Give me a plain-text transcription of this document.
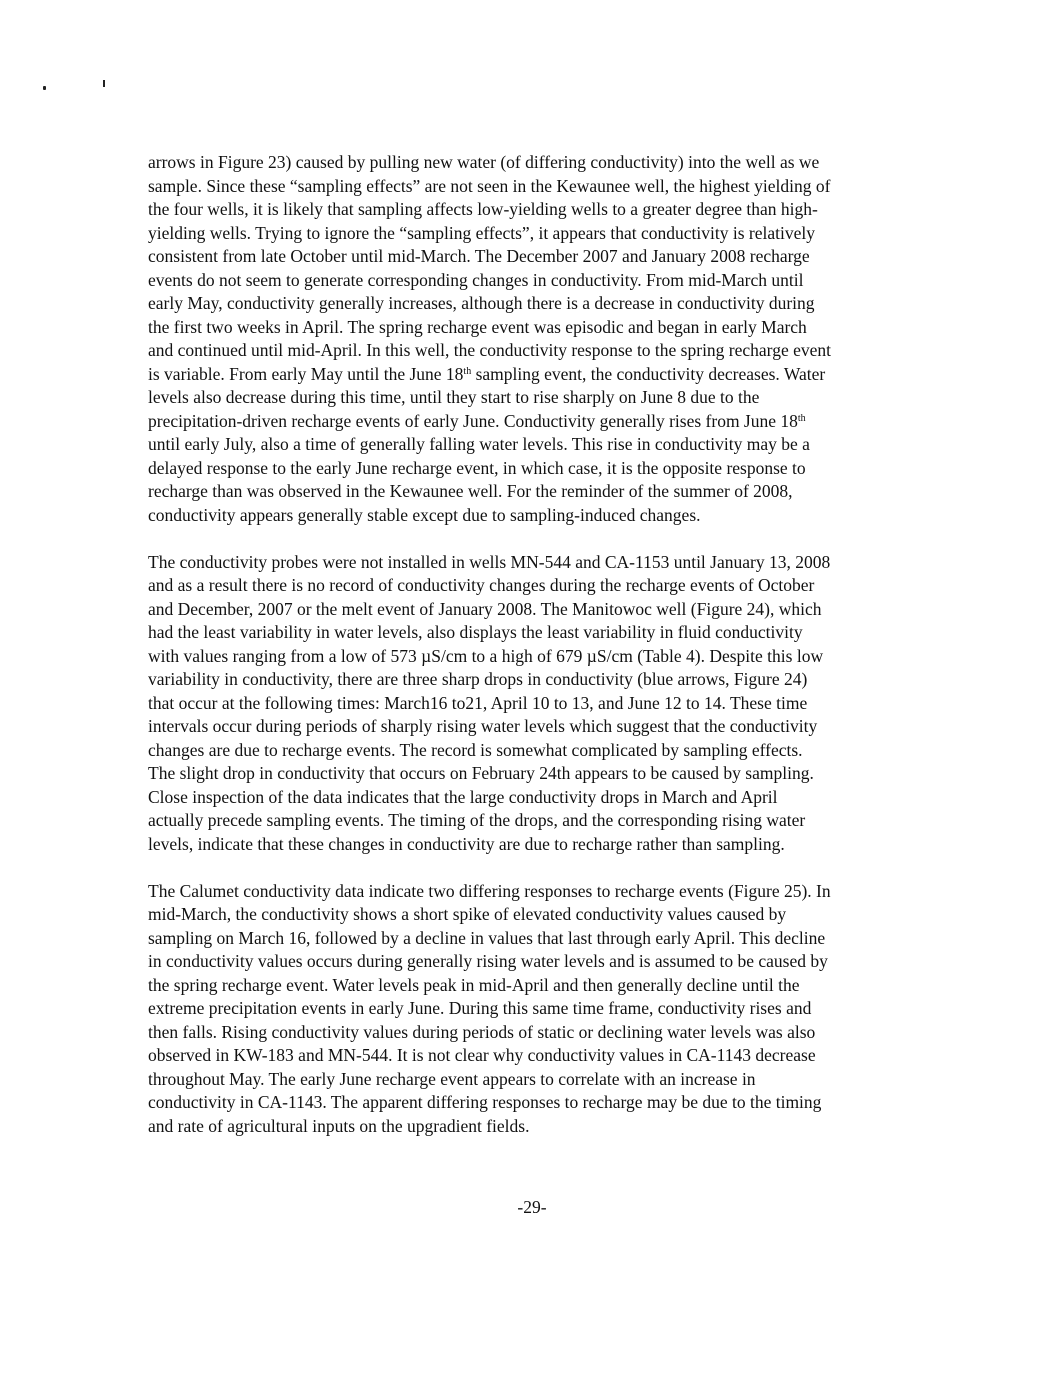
arrows in Figure 23) caused by pulling new water (of differing conductivity) into the well as we
sample. Since these “sampling effects” are not seen in the Kewaunee well, the highest yielding of
the four wells, it is likely that sampling affects low-yielding wells to a greater degree than high-
yielding wells. Trying to ignore the “sampling effects”, it appears that conductivity is relatively
consistent from late October until mid-March. The December 2007 and January 2008 recharge
events do not seem to generate corresponding changes in conductivity. From mid-March until
early May, conductivity generally increases, although there is a decrease in conductivity during
the first two weeks in April. The spring recharge event was episodic and began in early March
and continued until mid-April. In this well, the conductivity response to the spring recharge event
is variable. From early May until the June 18th sampling event, the conductivity decreases. Water
levels also decrease during this time, until they start to rise sharply on June 8 due to the
precipitation-driven recharge events of early June. Conductivity generally rises from June 18th
until early July, also a time of generally falling water levels. This rise in conductivity may be a
delayed response to the early June recharge event, in which case, it is the opposite response to
recharge than was observed in the Kewaunee well. For the reminder of the summer of 2008,
conductivity appears generally stable except due to sampling-induced changes.

The conductivity probes were not installed in wells MN-544 and CA-1153 until January 13, 2008
and as a result there is no record of conductivity changes during the recharge events of October
and December, 2007 or the melt event of January 2008. The Manitowoc well (Figure 24), which
had the least variability in water levels, also displays the least variability in fluid conductivity
with values ranging from a low of 573 µS/cm to a high of 679 µS/cm (Table 4). Despite this low
variability in conductivity, there are three sharp drops in conductivity (blue arrows, Figure 24)
that occur at the following times: March16 to21, April 10 to 13, and June 12 to 14. These time
intervals occur during periods of sharply rising water levels which suggest that the conductivity
changes are due to recharge events. The record is somewhat complicated by sampling effects.
The slight drop in conductivity that occurs on February 24th appears to be caused by sampling.
Close inspection of the data indicates that the large conductivity drops in March and April
actually precede sampling events. The timing of the drops, and the corresponding rising water
levels, indicate that these changes in conductivity are due to recharge rather than sampling.

The Calumet conductivity data indicate two differing responses to recharge events (Figure 25). In
mid-March, the conductivity shows a short spike of elevated conductivity values caused by
sampling on March 16, followed by a decline in values that last through early April. This decline
in conductivity values occurs during generally rising water levels and is assumed to be caused by
the spring recharge event. Water levels peak in mid-April and then generally decline until the
extreme precipitation events in early June. During this same time frame, conductivity rises and
then falls. Rising conductivity values during periods of static or declining water levels was also
observed in KW-183 and MN-544. It is not clear why conductivity values in CA-1143 decrease
throughout May. The early June recharge event appears to correlate with an increase in
conductivity in CA-1143. The apparent differing responses to recharge may be due to the timing
and rate of agricultural inputs on the upgradient fields.

-29-
